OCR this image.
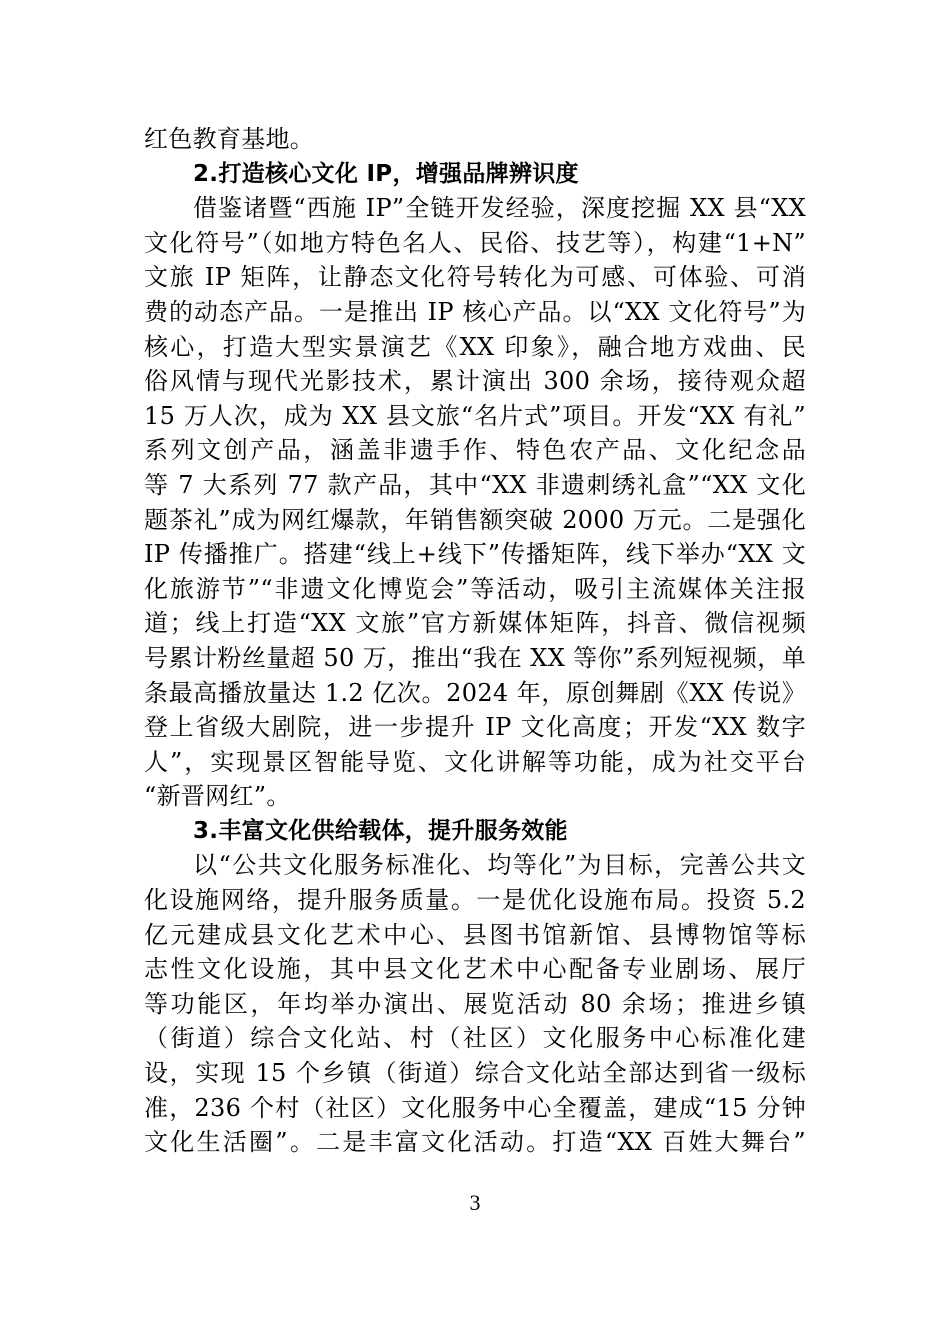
红色教育基地。
2.打造核心文化 IP，增强品牌辨识度
借鉴诸暨“西施 IP”全链开发经验，深度挖掘 XX 县“XX
文化符号”（如地方特色名人、民俗、技艺等），构建“1+N”
文旅 IP 矩阵，让静态文化符号转化为可感、可体验、可消
费的动态产品。一是推出 IP 核心产品。以“XX 文化符号”为
核心，打造大型实景演艺《XX 印象》，融合地方戏曲、民
俗风情与现代光影技术，累计演出 300 余场，接待观众超
15 万人次，成为 XX 县文旅“名片式”项目。开发“XX 有礼”
系列文创产品，涵盖非遗手作、特色农产品、文化纪念品
等 7 大系列 77 款产品，其中“XX 非遗刺绣礼盒”“XX 文化
题茶礼”成为网红爆款，年销售额突破 2000 万元。二是强化
IP 传播推广。搭建“线上+线下”传播矩阵，线下举办“XX 文
化旅游节”“非遗文化博览会”等活动，吸引主流媒体关注报
道；线上打造“XX 文旅”官方新媒体矩阵，抖音、微信视频
号累计粉丝量超 50 万，推出“我在 XX 等你”系列短视频，单
条最高播放量达 1.2 亿次。2024 年，原创舞剧《XX 传说》
登上省级大剧院，进一步提升 IP 文化高度；开发“XX 数字
人”，实现景区智能导览、文化讲解等功能，成为社交平台
“新晋网红”。
3.丰富文化供给载体，提升服务效能
以“公共文化服务标准化、均等化”为目标，完善公共文
化设施网络，提升服务质量。一是优化设施布局。投资 5.2
亿元建成县文化艺术中心、县图书馆新馆、县博物馆等标
志性文化设施，其中县文化艺术中心配备专业剧场、展厅
等功能区，年均举办演出、展览活动 80 余场；推进乡镇
（街道）综合文化站、村（社区）文化服务中心标准化建
设，实现 15 个乡镇（街道）综合文化站全部达到省一级标
准，236 个村（社区）文化服务中心全覆盖，建成“15 分钟
文化生活圈”。二是丰富文化活动。打造“XX 百姓大舞台”
3
